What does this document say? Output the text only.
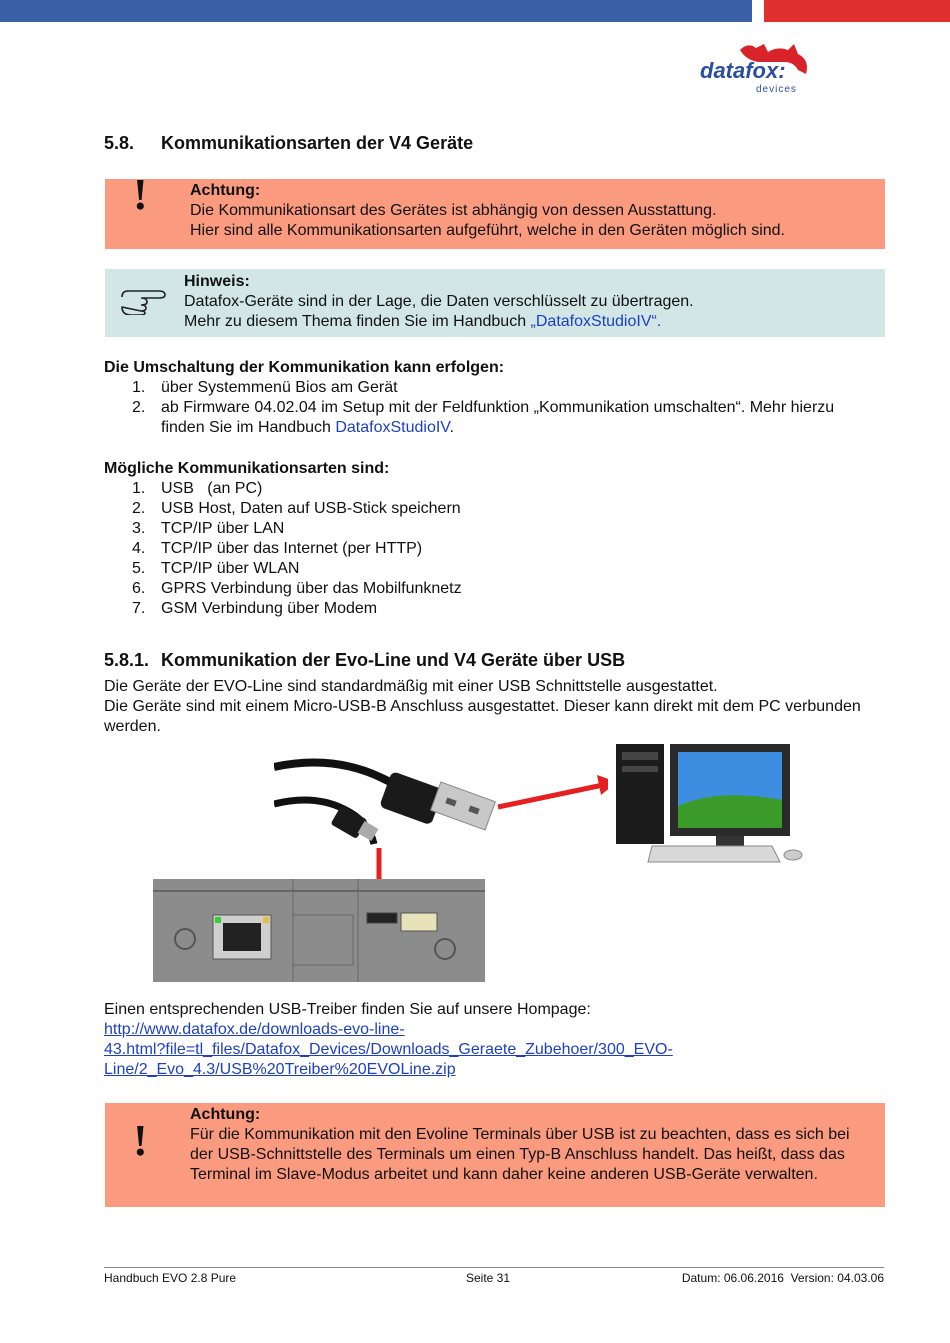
datafox:
devices
5.8. Kommunikationsarten der V4 Geräte
!	Achtung:
Die Kommunikationsart des Gerätes ist abhängig von dessen Ausstattung.
Hier sind alle Kommunikationsarten aufgeführt, welche in den Geräten möglich sind.
Hinweis:
Datafox-Geräte sind in der Lage, die Daten verschlüsselt zu übertragen.
Mehr zu diesem Thema finden Sie im Handbuch „DatafoxStudioIV“.
Die Umschaltung der Kommunikation kann erfolgen:
1. über Systemmenü Bios am Gerät
2. ab Firmware 04.02.04 im Setup mit der Feldfunktion „Kommunikation umschalten“. Mehr hierzu finden Sie im Handbuch DatafoxStudioIV.
Mögliche Kommunikationsarten sind:
1. USB   (an PC)
2. USB Host, Daten auf USB-Stick speichern
3. TCP/IP über LAN
4. TCP/IP über das Internet (per HTTP)
5. TCP/IP über WLAN
6. GPRS Verbindung über das Mobilfunknetz
7. GSM Verbindung über Modem
5.8.1. Kommunikation der Evo-Line und V4 Geräte über USB
Die Geräte der EVO-Line sind standardmäßig mit einer USB Schnittstelle ausgestattet.
Die Geräte sind mit einem Micro-USB-B Anschluss ausgestattet. Dieser kann direkt mit dem PC verbunden werden.
Einen entsprechenden USB-Treiber finden Sie auf unsere Hompage:
http://www.datafox.de/downloads-evo-line-
43.html?file=tl_files/Datafox_Devices/Downloads_Geraete_Zubehoer/300_EVO-
Line/2_Evo_4.3/USB%20Treiber%20EVOLine.zip
!
Achtung:
Für die Kommunikation mit den Evoline Terminals über USB ist zu beachten, dass es sich bei der USB-Schnittstelle des Terminals um einen Typ-B Anschluss handelt. Das heißt, dass das Terminal im Slave-Modus arbeitet und kann daher keine anderen USB-Geräte verwalten.
Handbuch EVO 2.8 Pure	Seite 31	Datum: 06.06.2016  Version: 04.03.06
